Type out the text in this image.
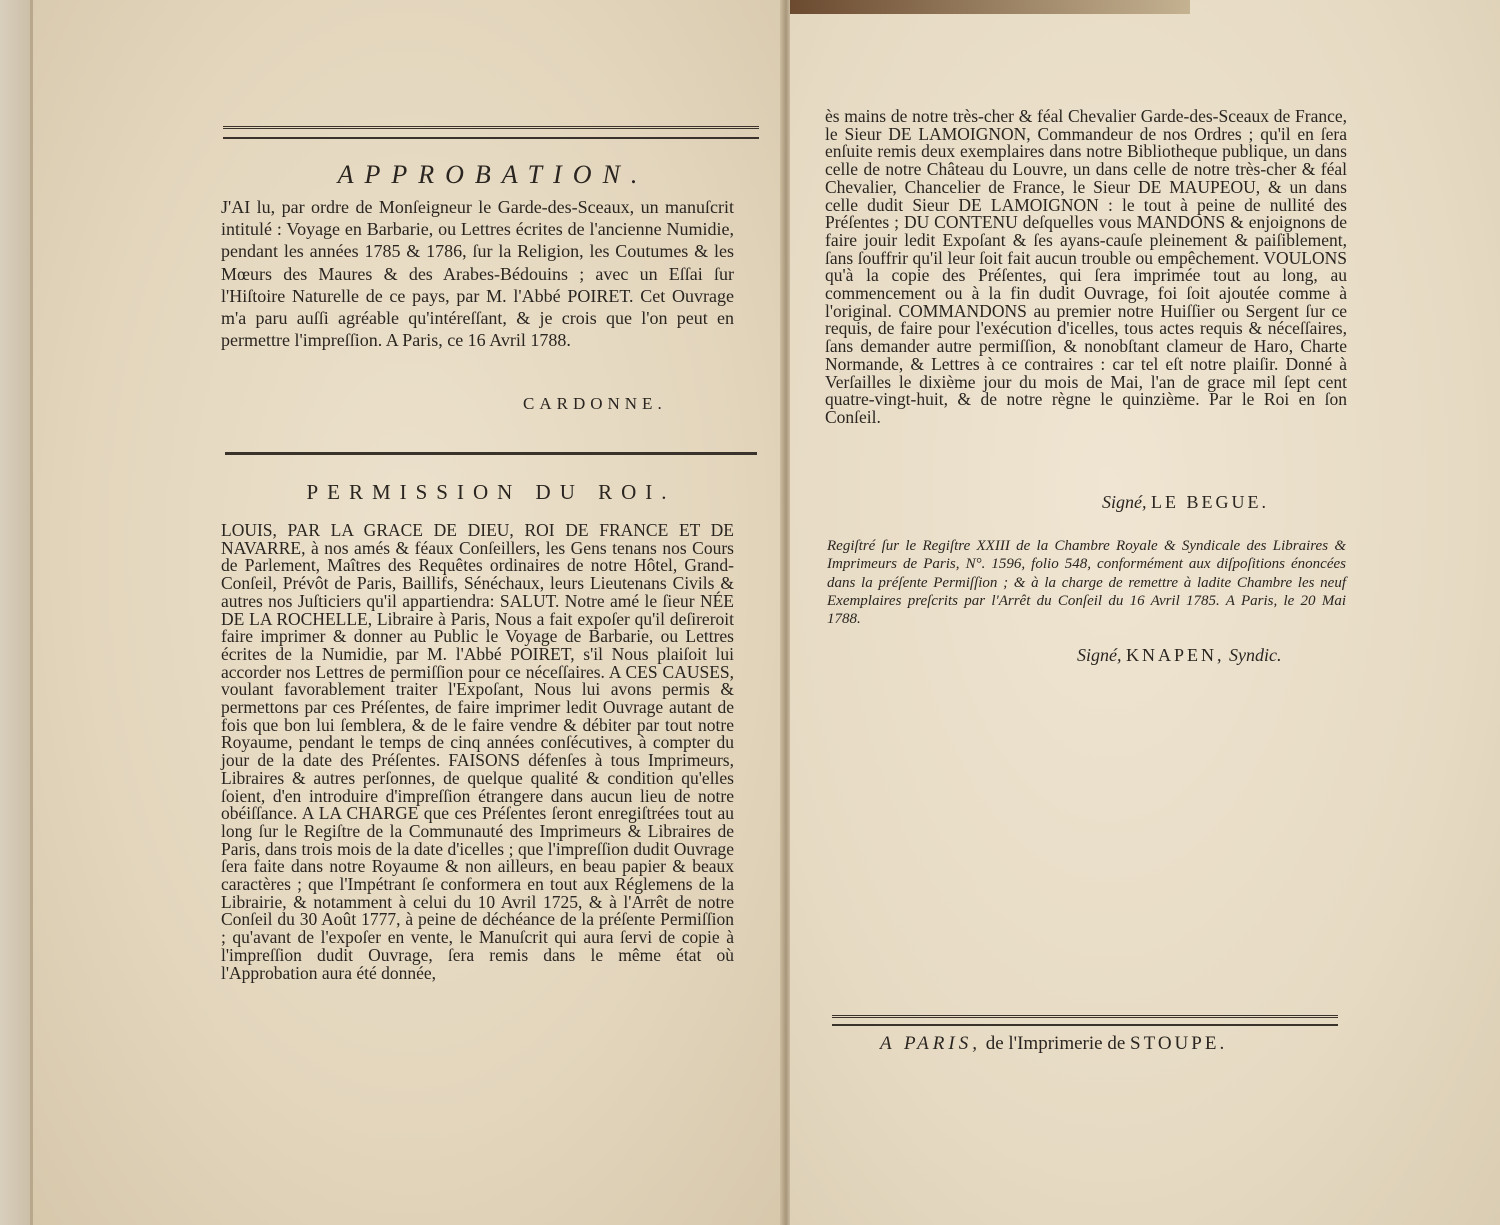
APPROBATION.

J'AI lu, par ordre de Monſeigneur le Garde-des-Sceaux, un manuſcrit intitulé : Voyage en Barbarie, ou Lettres écrites de l'ancienne Numidie, pendant les années 1785 & 1786, ſur la Religion, les Coutumes & les Mœurs des Maures & des Arabes-Bédouins ; avec un Eſſai ſur l'Hiſtoire Naturelle de ce pays, par M. l'Abbé POIRET. Cet Ouvrage m'a paru auſſi agréable qu'intéreſſant, & je crois que l'on peut en permettre l'impreſſion. A Paris, ce 16 Avril 1788.

CARDONNE.
PERMISSION DU ROI.

LOUIS, PAR LA GRACE DE DIEU, ROI DE FRANCE ET DE NAVARRE, à nos amés & féaux Conſeillers, les Gens tenans nos Cours de Parlement, Maîtres des Requêtes ordinaires de notre Hôtel, Grand-Conſeil, Prévôt de Paris, Baillifs, Sénéchaux, leurs Lieutenans Civils & autres nos Juſticiers qu'il appartiendra: SALUT. Notre amé le ſieur NÉE DE LA ROCHELLE, Libraire à Paris, Nous a fait expoſer qu'il deſireroit faire imprimer & donner au Public le Voyage de Barbarie, ou Lettres écrites de la Numidie, par M. l'Abbé POIRET, s'il Nous plaiſoit lui accorder nos Lettres de permiſſion pour ce néceſſaires. A CES CAUSES, voulant favorablement traiter l'Expoſant, Nous lui avons permis & permettons par ces Préſentes, de faire imprimer ledit Ouvrage autant de fois que bon lui ſemblera, & de le faire vendre & débiter par tout notre Royaume, pendant le temps de cinq années conſécutives, à compter du jour de la date des Préſentes. FAISONS défenſes à tous Imprimeurs, Libraires & autres perſonnes, de quelque qualité & condition qu'elles ſoient, d'en introduire d'impreſſion étrangere dans aucun lieu de notre obéiſſance. A LA CHARGE que ces Préſentes ſeront enregiſtrées tout au long ſur le Regiſtre de la Communauté des Imprimeurs & Libraires de Paris, dans trois mois de la date d'icelles ; que l'impreſſion dudit Ouvrage ſera faite dans notre Royaume & non ailleurs, en beau papier & beaux caractères ; que l'Impétrant ſe conformera en tout aux Réglemens de la Librairie, & notamment à celui du 10 Avril 1725, & à l'Arrêt de notre Conſeil du 30 Août 1777, à peine de déchéance de la préſente Permiſſion ; qu'avant de l'expoſer en vente, le Manuſcrit qui aura ſervi de copie à l'impreſſion dudit Ouvrage, ſera remis dans le même état où l'Approbation aura été donnée,

ès mains de notre très-cher & féal Chevalier Garde-des-Sceaux de France, le Sieur DE LAMOIGNON, Commandeur de nos Ordres ; qu'il en ſera enſuite remis deux exemplaires dans notre Bibliotheque publique, un dans celle de notre Château du Louvre, un dans celle de notre très-cher & féal Chevalier, Chancelier de France, le Sieur DE MAUPEOU, & un dans celle dudit Sieur DE LAMOIGNON : le tout à peine de nullité des Préſentes ; DU CONTENU deſquelles vous MANDONS & enjoignons de faire jouir ledit Expoſant & ſes ayans-cauſe pleinement & paiſiblement, ſans ſouffrir qu'il leur ſoit fait aucun trouble ou empêchement. VOULONS qu'à la copie des Préſentes, qui ſera imprimée tout au long, au commencement ou à la fin dudit Ouvrage, foi ſoit ajoutée comme à l'original. COMMANDONS au premier notre Huiſſier ou Sergent ſur ce requis, de faire pour l'exécution d'icelles, tous actes requis & néceſſaires, ſans demander autre permiſſion, & nonobſtant clameur de Haro, Charte Normande, & Lettres à ce contraires : car tel eſt notre plaiſir. Donné à Verſailles le dixième jour du mois de Mai, l'an de grace mil ſept cent quatre-vingt-huit, & de notre règne le quinzième. Par le Roi en ſon Conſeil.

Signé, LE BEGUE.

Regiſtré ſur le Regiſtre XXIII de la Chambre Royale & Syndicale des Libraires & Imprimeurs de Paris, N°. 1596, folio 548, conformément aux diſpoſitions énoncées dans la préſente Permiſſion ; & à la charge de remettre à ladite Chambre les neuf Exemplaires preſcrits par l'Arrêt du Conſeil du 16 Avril 1785. A Paris, le 20 Mai 1788.

Signé, KNAPEN, Syndic.
A PARIS, de l'Imprimerie de STOUPE.
